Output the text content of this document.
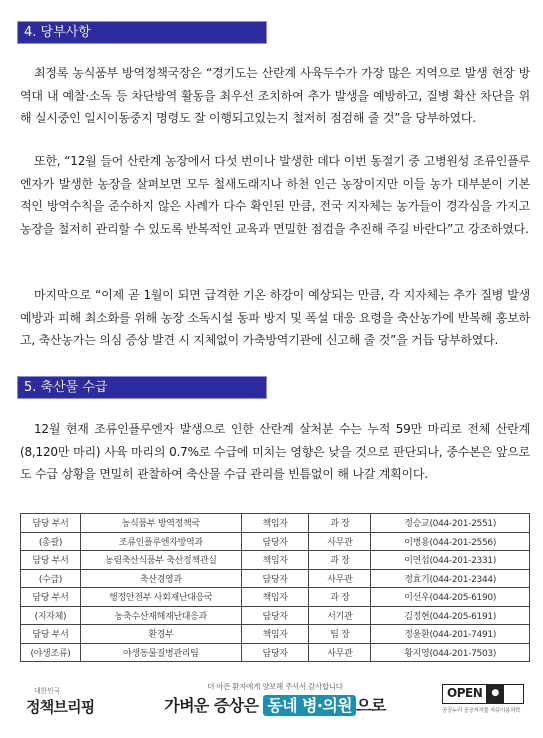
4. 당부사항

최정록 농식품부 방역정책국장은 “경기도는 산란계 사육두수가 가장 많은 지역으로 발생 현장 방역대 내 예찰·소독 등 차단방역 활동을 최우선 조치하여 추가 발생을 예방하고, 질병 확산 차단을 위해 실시중인 일시이동중지 명령도 잘 이행되고있는지 철저히 점검해 줄 것”을 당부하였다.

또한, “12월 들어 산란계 농장에서 다섯 번이나 발생한 데다 이번 동절기 중 고병원성 조류인플루엔자가 발생한 농장을 살펴보면 모두 철새도래지나 하천 인근 농장이지만 이들 농가 대부분이 기본적인 방역수칙을 준수하지 않은 사례가 다수 확인된 만큼, 전국 지자체는 농가들이 경각심을 가지고 농장을 철저히 관리할 수 있도록 반복적인 교육과 면밀한 점검을 추진해 주길 바란다”고 강조하였다.

마지막으로 “이제 곧 1월이 되면 급격한 기온 하강이 예상되는 만큼, 각 지자체는 추가 질병 발생 예방과 피해 최소화를 위해 농장 소독시설 동파 방지 및 폭설 대응 요령을 축산농가에 반복해 홍보하고, 축산농가는 의심 증상 발견 시 지체없이 가축방역기관에 신고해 줄 것”을 거듭 당부하였다.

5. 축산물 수급

12월 현재 조류인플루엔자 발생으로 인한 산란계 살처분 수는 누적 59만 마리로 전체 산란계(8,120만 마리) 사육 마리의 0.7%로 수급에 미치는 영향은 낮을 것으로 판단되나, 중수본은 앞으로도 수급 상황을 면밀히 관찰하여 축산물 수급 관리를 빈틈없이 해 나갈 계획이다.

담당 부서	농식품부 방역정책국	책임자	과 장	정승교(044-201-2551)
(총괄)	조류인플루엔자방역과	담당자	사무관	이병용(044-201-2556)
담당 부서	농림축산식품부 축산정책관실	책임자	과 장	이연섭(044-201-2331)
(수급)	축산경영과	담당자	사무관	정효기(044-201-2344)
담당 부서	행정안전부 사회재난대응국	책임자	과 장	이선우(044-205-6190)
(지자체)	농축수산재해재난대응과	담당자	서기관	김정현(044-205-6191)
담당 부서	환경부	책임자	팀 장	정윤환(044-201-7491)
(야생조류)	야생동물질병관리팀	담당자	사무관	황지영(044-201-7503)
대한민국
정책브리핑
더 아픈 환자에게 양보해 주셔서 감사합니다
가벼운 증상은 동네 병·의원 으로
OPEN	●
공공누리 공공저작물 자유이용허락
